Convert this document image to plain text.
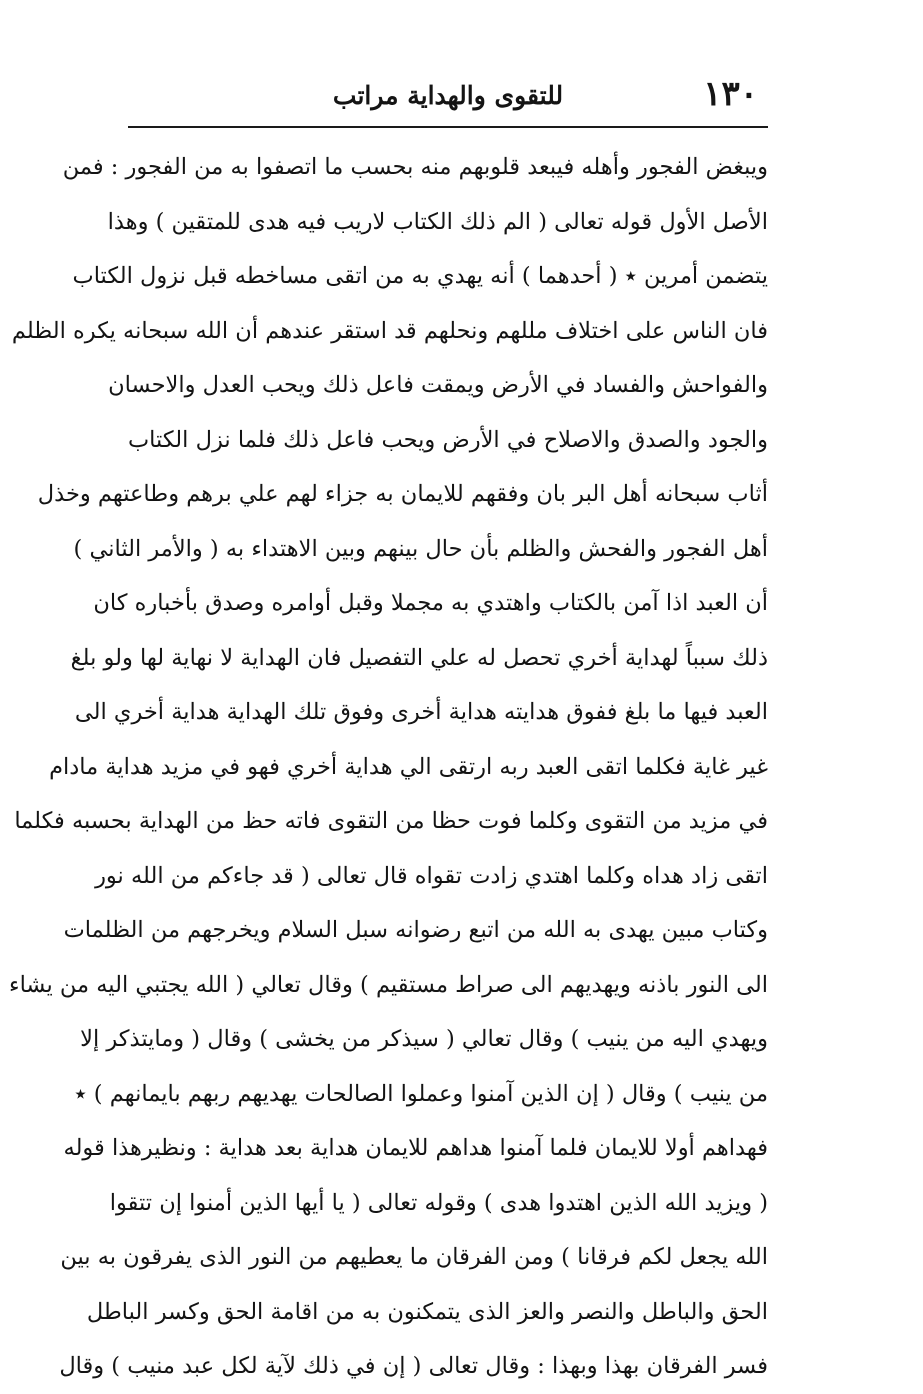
١٣٠
للتقوى والهداية مراتب
ويبغض الفجور وأهله فيبعد قلوبهم منه بحسب ما اتصفوا به من الفجور : فمن
الأصل الأول قوله تعالى ( الم ذلك الكتاب لاريب فيه هدى للمتقين ) وهذا
يتضمن أمرين ٭ ( أحدهما ) أنه يهدي به من اتقى مساخطه قبل نزول الكتاب
فان الناس على اختلاف مللهم ونحلهم قد استقر عندهم أن الله سبحانه يكره الظلم
والفواحش والفساد في الأرض ويمقت فاعل ذلك ويحب العدل والاحسان
والجود والصدق والاصلاح في الأرض ويحب فاعل ذلك فلما نزل الكتاب
أثاب سبحانه أهل البر بان وفقهم للايمان به جزاء لهم علي برهم وطاعتهم وخذل
أهل الفجور والفحش والظلم بأن حال بينهم وبين الاهتداء به ( والأمر الثاني )
أن العبد اذا آمن بالكتاب واهتدي به مجملا وقبل أوامره وصدق بأخباره كان
ذلك سبباً لهداية أخري تحصل له علي التفصيل فان الهداية لا نهاية لها ولو بلغ
العبد فيها ما بلغ ففوق هدايته هداية أخرى وفوق تلك الهداية هداية أخري الى
غير غاية فكلما اتقى العبد ربه ارتقى الي هداية أخري فهو في مزيد هداية مادام
في مزيد من التقوى وكلما فوت حظا من التقوى فاته حظ من الهداية بحسبه فكلما
اتقى زاد هداه وكلما اهتدي زادت تقواه قال تعالى ( قد جاءكم من الله نور
وكتاب مبين يهدى به الله من اتبع رضوانه سبل السلام ويخرجهم من الظلمات
الى النور باذنه ويهديهم الى صراط مستقيم ) وقال تعالي ( الله يجتبي اليه من يشاء
ويهدي اليه من ينيب ) وقال تعالي ( سيذكر من يخشى ) وقال ( ومايتذكر إلا
من ينيب ) وقال ( إن الذين آمنوا وعملوا الصالحات يهديهم ربهم بايمانهم ) ٭
فهداهم أولا للايمان فلما آمنوا هداهم للايمان هداية بعد هداية : ونظيرهذا قوله
( ويزيد الله الذين اهتدوا هدى ) وقوله تعالى ( يا أيها الذين أمنوا إن تتقوا
الله يجعل لكم فرقانا ) ومن الفرقان ما يعطيهم من النور الذى يفرقون به بين
الحق والباطل والنصر والعز الذى يتمكنون به من اقامة الحق وكسر الباطل
فسر الفرقان بهذا وبهذا : وقال تعالى ( إن في ذلك لآية لكل عبد منيب ) وقال
